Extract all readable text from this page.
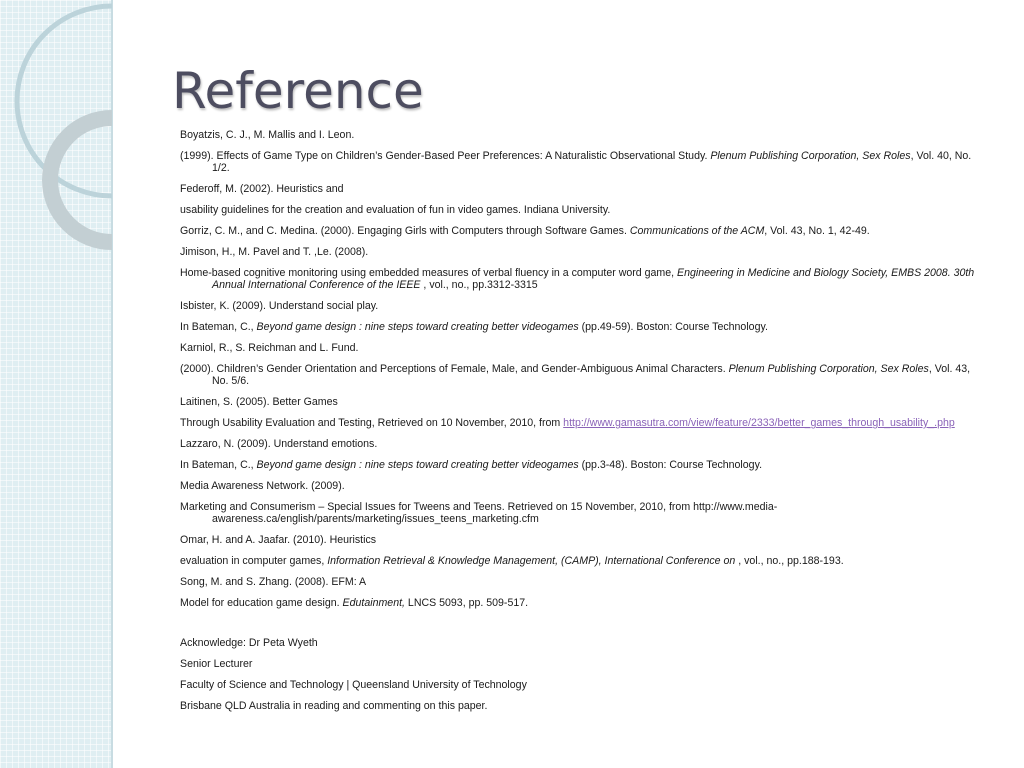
Reference
Boyatzis, C. J., M. Mallis and I. Leon.
(1999). Effects of Game Type on Children’s Gender-Based Peer Preferences: A Naturalistic Observational Study. Plenum Publishing Corporation, Sex Roles, Vol. 40, No. 1/2.
Federoff, M. (2002). Heuristics and
usability guidelines for the creation and evaluation of fun in video games. Indiana University.
Gorriz, C. M., and C. Medina. (2000). Engaging Girls with Computers through Software Games. Communications of the ACM, Vol. 43, No. 1, 42-49.
Jimison, H., M. Pavel and T. ,Le. (2008).
Home-based cognitive monitoring using embedded measures of verbal fluency in a computer word game, Engineering in Medicine and Biology Society, EMBS 2008. 30th Annual International Conference of the IEEE , vol., no., pp.3312-3315
Isbister, K. (2009). Understand social play.
In Bateman, C., Beyond game design : nine steps toward creating better videogames (pp.49-59). Boston: Course Technology.
Karniol, R., S. Reichman and L. Fund.
(2000). Children’s Gender Orientation and Perceptions of Female, Male, and Gender-Ambiguous Animal Characters. Plenum Publishing Corporation, Sex Roles, Vol. 43, No. 5/6.
Laitinen, S. (2005). Better Games
Through Usability Evaluation and Testing, Retrieved on 10 November, 2010, from http://www.gamasutra.com/view/feature/2333/better_games_through_usability_.php
Lazzaro, N. (2009). Understand emotions.
In Bateman, C., Beyond game design : nine steps toward creating better videogames (pp.3-48). Boston: Course Technology.
Media Awareness Network. (2009).
Marketing and Consumerism – Special Issues for Tweens and Teens. Retrieved on 15 November, 2010, from http://www.media-awareness.ca/english/parents/marketing/issues_teens_marketing.cfm
Omar, H. and A. Jaafar. (2010). Heuristics
evaluation in computer games, Information Retrieval & Knowledge Management, (CAMP), International Conference on , vol., no., pp.188-193.
Song, M. and S. Zhang. (2008). EFM: A
Model for education game design. Edutainment, LNCS 5093, pp. 509-517.
Acknowledge: Dr Peta Wyeth
Senior Lecturer
Faculty of Science and Technology | Queensland University of Technology
Brisbane QLD Australia in reading and commenting on this paper.
